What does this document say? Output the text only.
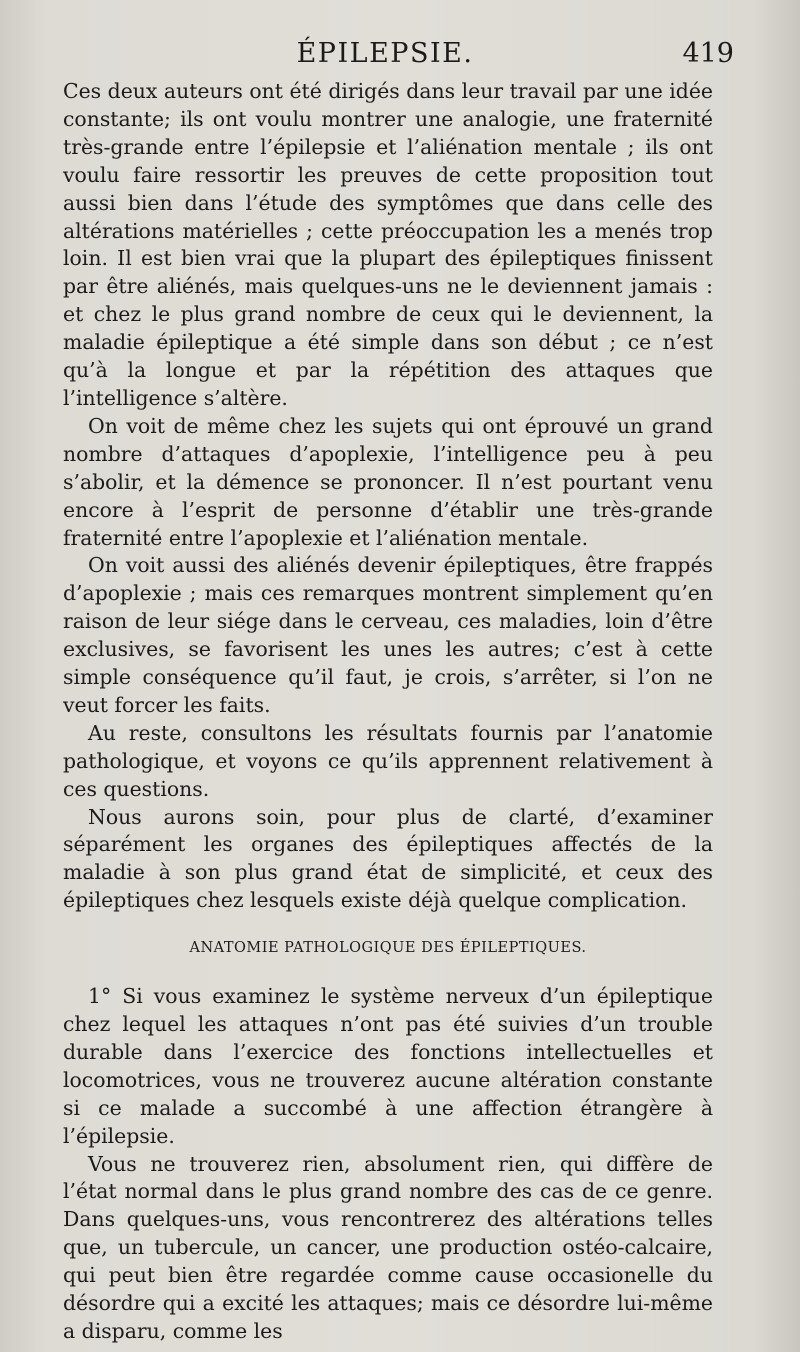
ÉPILEPSIE.	419

Ces deux auteurs ont été dirigés dans leur travail par une idée constante; ils ont voulu montrer une analogie, une fraternité très-grande entre l’épilepsie et l’aliénation mentale ; ils ont voulu faire ressortir les preuves de cette proposition tout aussi bien dans l’étude des symptômes que dans celle des altérations matérielles ; cette préoccupation les a menés trop loin. Il est bien vrai que la plupart des épileptiques finissent par être aliénés, mais quelques-uns ne le deviennent jamais : et chez le plus grand nombre de ceux qui le deviennent, la maladie épileptique a été simple dans son début ; ce n’est qu’à la longue et par la répétition des attaques que l’intelligence s’altère.

On voit de même chez les sujets qui ont éprouvé un grand nombre d’attaques d’apoplexie, l’intelligence peu à peu s’abolir, et la démence se prononcer. Il n’est pourtant venu encore à l’esprit de personne d’établir une très-grande fraternité entre l’apoplexie et l’aliénation mentale.

On voit aussi des aliénés devenir épileptiques, être frappés d’apoplexie ; mais ces remarques montrent simplement qu’en raison de leur siége dans le cerveau, ces maladies, loin d’être exclusives, se favorisent les unes les autres; c’est à cette simple conséquence qu’il faut, je crois, s’arrêter, si l’on ne veut forcer les faits.

Au reste, consultons les résultats fournis par l’anatomie pathologique, et voyons ce qu’ils apprennent relativement à ces questions.

Nous aurons soin, pour plus de clarté, d’examiner séparément les organes des épileptiques affectés de la maladie à son plus grand état de simplicité, et ceux des épileptiques chez lesquels existe déjà quelque complication.

ANATOMIE PATHOLOGIQUE DES ÉPILEPTIQUES.

1° Si vous examinez le système nerveux d’un épileptique chez lequel les attaques n’ont pas été suivies d’un trouble durable dans l’exercice des fonctions intellectuelles et locomotrices, vous ne trouverez aucune altération constante si ce malade a succombé à une affection étrangère à l’épilepsie.

Vous ne trouverez rien, absolument rien, qui diffère de l’état normal dans le plus grand nombre des cas de ce genre. Dans quelques-uns, vous rencontrerez des altérations telles que, un tubercule, un cancer, une production ostéo-calcaire, qui peut bien être regardée comme cause occasionelle du désordre qui a excité les attaques; mais ce désordre lui-même a disparu, comme les
